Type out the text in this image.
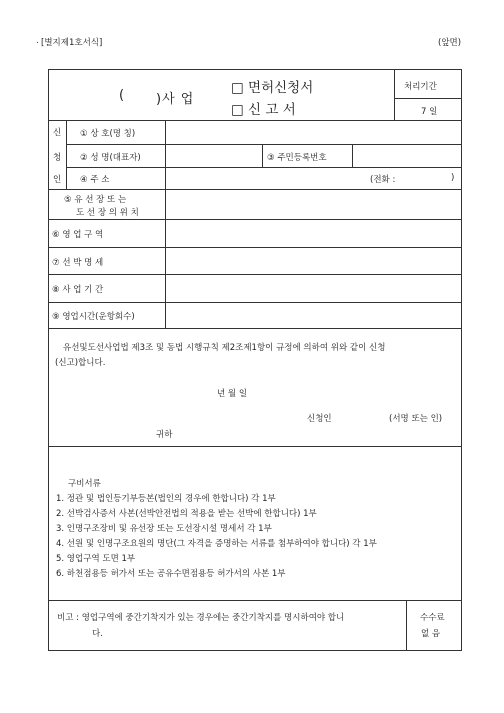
. [별지제1호서식]	(앞면)
( )사 업
□ 면허신청서
□ 신 고 서
처리기간
7 일
신
청
인
① 상 호(명 칭)
② 성 명(대표자)	③ 주민등록번호
④ 주 소	(전화 :	)
⑤ 유 선 장 또 는
도 선 장 의 위 치
⑥ 영 업 구 역
⑦ 선 박 명 세
⑧ 사 업 기 간
⑨ 영업시간(운항회수)
유선및도선사업법 제3조 및 동법 시행규칙 제2조제1항이 규정에 의하여 위와 같이 신청
(신고)합니다.
년 월 일
신청인	(서명 또는 인)
귀하
구비서류
1. 정관 및 법인등기부등본(법인의 경우에 한합니다) 각 1부
2. 선박검사증서 사본(선박안전법의 적용을 받는 선박에 한합니다) 1부
3. 인명구조장비 및 유선장 또는 도선장시설 명세서 각 1부
4. 선원 및 인명구조요원의 명단(그 자격을 증명하는 서류를 첨부하여야 합니다) 각 1부
5. 영업구역 도면 1부
6. 하천점용등 허가서 또는 공유수면점용등 허가서의 사본 1부
비고 : 영업구역에 중간기착지가 있는 경우에는 중간기착지를 명시하여야 합니
다.
수수료
없 음
